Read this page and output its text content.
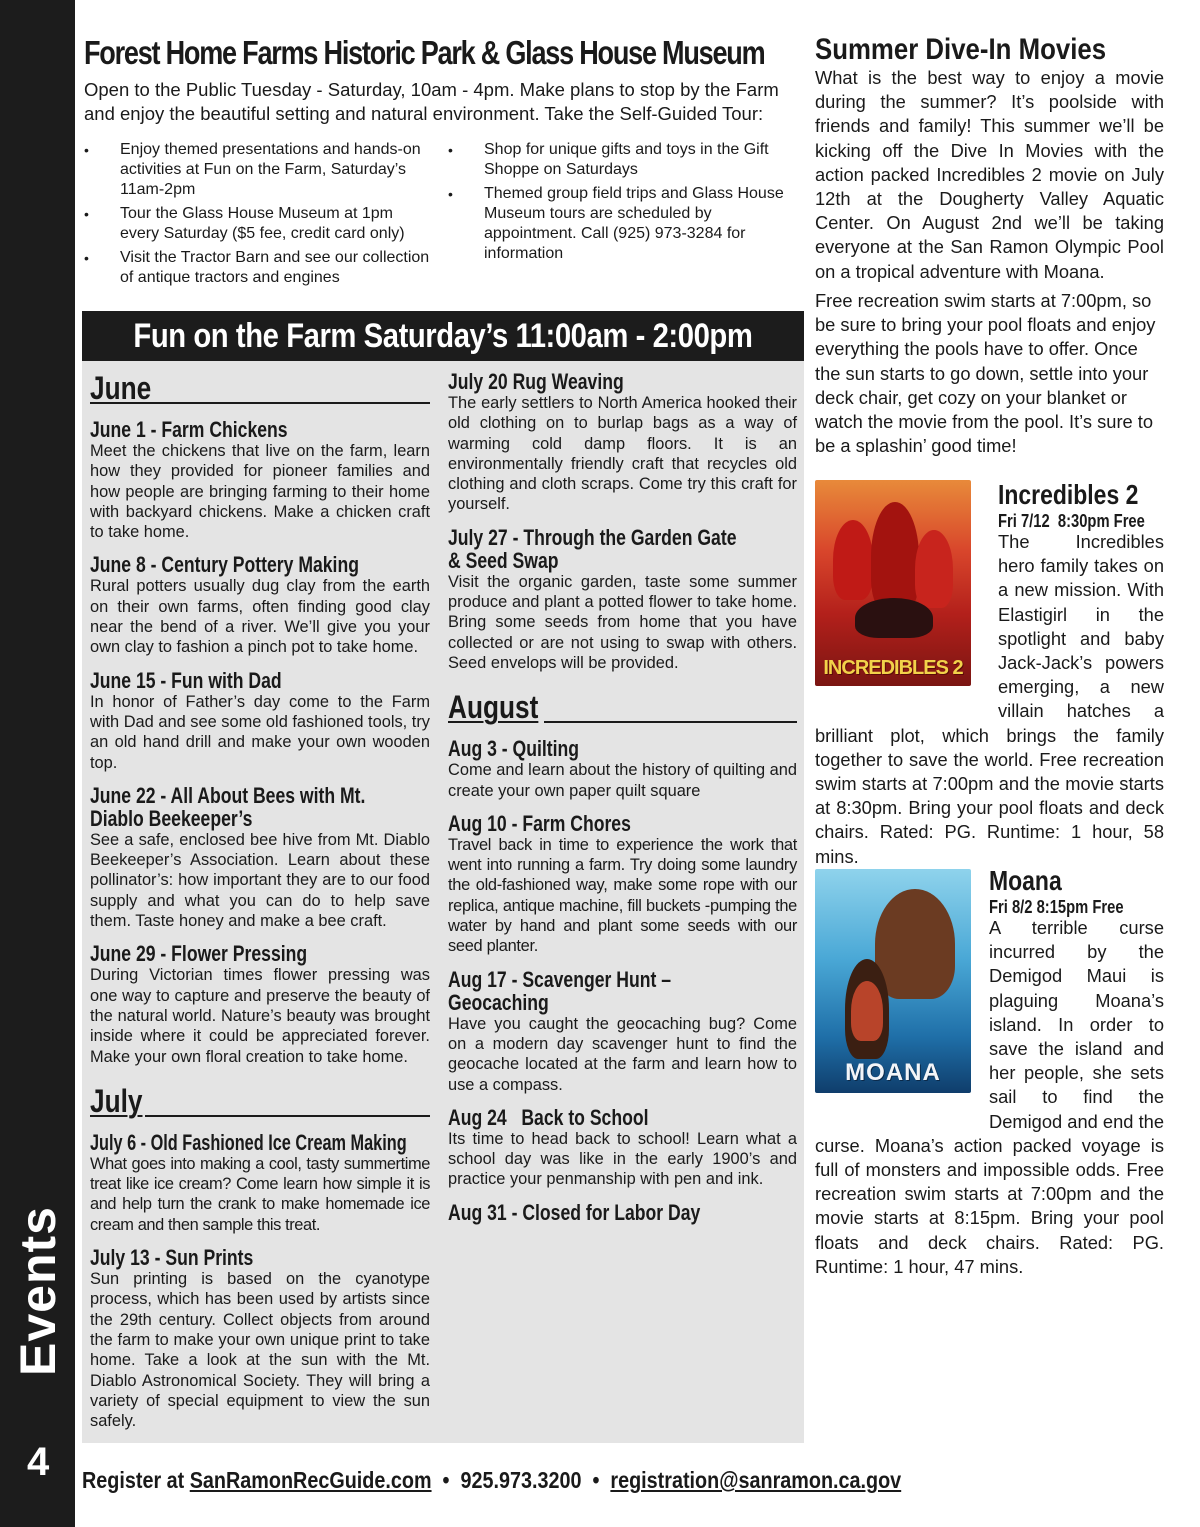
Events
4
Forest Home Farms Historic Park & Glass House Museum
Open to the Public Tuesday - Saturday, 10am - 4pm. Make plans to stop by the Farm and enjoy the beautiful setting and natural environment. Take the Self-Guided Tour:
• Enjoy themed presentations and hands-on activities at Fun on the Farm, Saturday’s 11am-2pm
• Tour the Glass House Museum at 1pm every Saturday ($5 fee, credit card only)
• Visit the Tractor Barn and see our collection of antique tractors and engines
• Shop for unique gifts and toys in the Gift Shoppe on Saturdays
• Themed group field trips and Glass House Museum tours are scheduled by appointment. Call (925) 973-3284 for information
Fun on the Farm Saturday’s 11:00am - 2:00pm
June
June 1 - Farm Chickens
Meet the chickens that live on the farm, learn how they provided for pioneer families and how people are bringing farming to their home with backyard chickens. Make a chicken craft to take home.
June 8 - Century Pottery Making
Rural potters usually dug clay from the earth on their own farms, often finding good clay near the bend of a river. We’ll give you your own clay to fashion a pinch pot to take home.
June 15 - Fun with Dad
In honor of Father’s day come to the Farm with Dad and see some old fashioned tools, try an old hand drill and make your own wooden top.
June 22 - All About Bees with Mt.
Diablo Beekeeper’s
See a safe, enclosed bee hive from Mt. Diablo Beekeeper’s Association. Learn about these pollinator’s: how important they are to our food supply and what you can do to help save them. Taste honey and make a bee craft.
June 29 - Flower Pressing
During Victorian times flower pressing was one way to capture and preserve the beauty of the natural world. Nature’s beauty was brought inside where it could be appreciated forever. Make your own floral creation to take home.
July
July 6 - Old Fashioned Ice Cream Making
What goes into making a cool, tasty summertime treat like ice cream? Come learn how simple it is and help turn the crank to make homemade ice cream and then sample this treat.
July 13 - Sun Prints
Sun printing is based on the cyanotype process, which has been used by artists since the 29th century. Collect objects from around the farm to make your own unique print to take home. Take a look at the sun with the Mt. Diablo Astronomical Society. They will bring a variety of special equipment to view the sun safely.
July 20 Rug Weaving
The early settlers to North America hooked their old clothing on to burlap bags as a way of warming cold damp floors. It is an environmentally friendly craft that recycles old clothing and cloth scraps. Come try this craft for yourself.
July 27 - Through the Garden Gate
& Seed Swap
Visit the organic garden, taste some summer produce and plant a potted flower to take home. Bring some seeds from home that you have collected or are not using to swap with others. Seed envelops will be provided.
August
Aug 3 - Quilting
Come and learn about the history of quilting and create your own paper quilt square
Aug 10 - Farm Chores
Travel back in time to experience the work that went into running a farm. Try doing some laundry the old-fashioned way, make some rope with our replica, antique machine, fill buckets -pumping the water by hand and plant some seeds with our seed planter.
Aug 17 - Scavenger Hunt –
Geocaching
Have you caught the geocaching bug? Come on a modern day scavenger hunt to find the geocache located at the farm and learn how to use a compass.
Aug 24   Back to School
Its time to head back to school! Learn what a school day was like in the early 1900’s and practice your penmanship with pen and ink.
Aug 31 - Closed for Labor Day
Summer Dive-In Movies
What is the best way to enjoy a movie during the summer? It’s poolside with friends and family! This summer we’ll be kicking off the Dive In Movies with the action packed Incredibles 2 movie on July 12th at the Dougherty Valley Aquatic Center. On August 2nd we’ll be taking everyone at the San Ramon Olympic Pool on a tropical adventure with Moana.
Free recreation swim starts at 7:00pm, so be sure to bring your pool floats and enjoy everything the pools have to offer. Once the sun starts to go down, settle into your deck chair, get cozy on your blanket or watch the movie from the pool. It’s sure to be a splashin’ good time!
INCREDIBLES 2
Incredibles 2
Fri 7/12  8:30pm Free
The Incredibles hero family takes on a new mission. With Elastigirl in the spotlight and baby Jack-Jack’s powers emerging, a new villain hatches a brilliant plot, which brings the family together to save the world. Free recreation swim starts at 7:00pm and the movie starts at 8:30pm. Bring your pool floats and deck chairs. Rated: PG. Runtime: 1 hour, 58 mins.
MOANA
Moana
Fri 8/2 8:15pm Free
A terrible curse incurred by the Demigod Maui is plaguing Moana’s island. In order to save the island and her people, she sets sail to find the Demigod and end the curse. Moana’s action packed voyage is full of monsters and impossible odds. Free recreation swim starts at 7:00pm and the movie starts at 8:15pm. Bring your pool floats and deck chairs. Rated: PG. Runtime: 1 hour, 47 mins.
Register at SanRamonRecGuide.com  •  925.973.3200  •  registration@sanramon.ca.gov
